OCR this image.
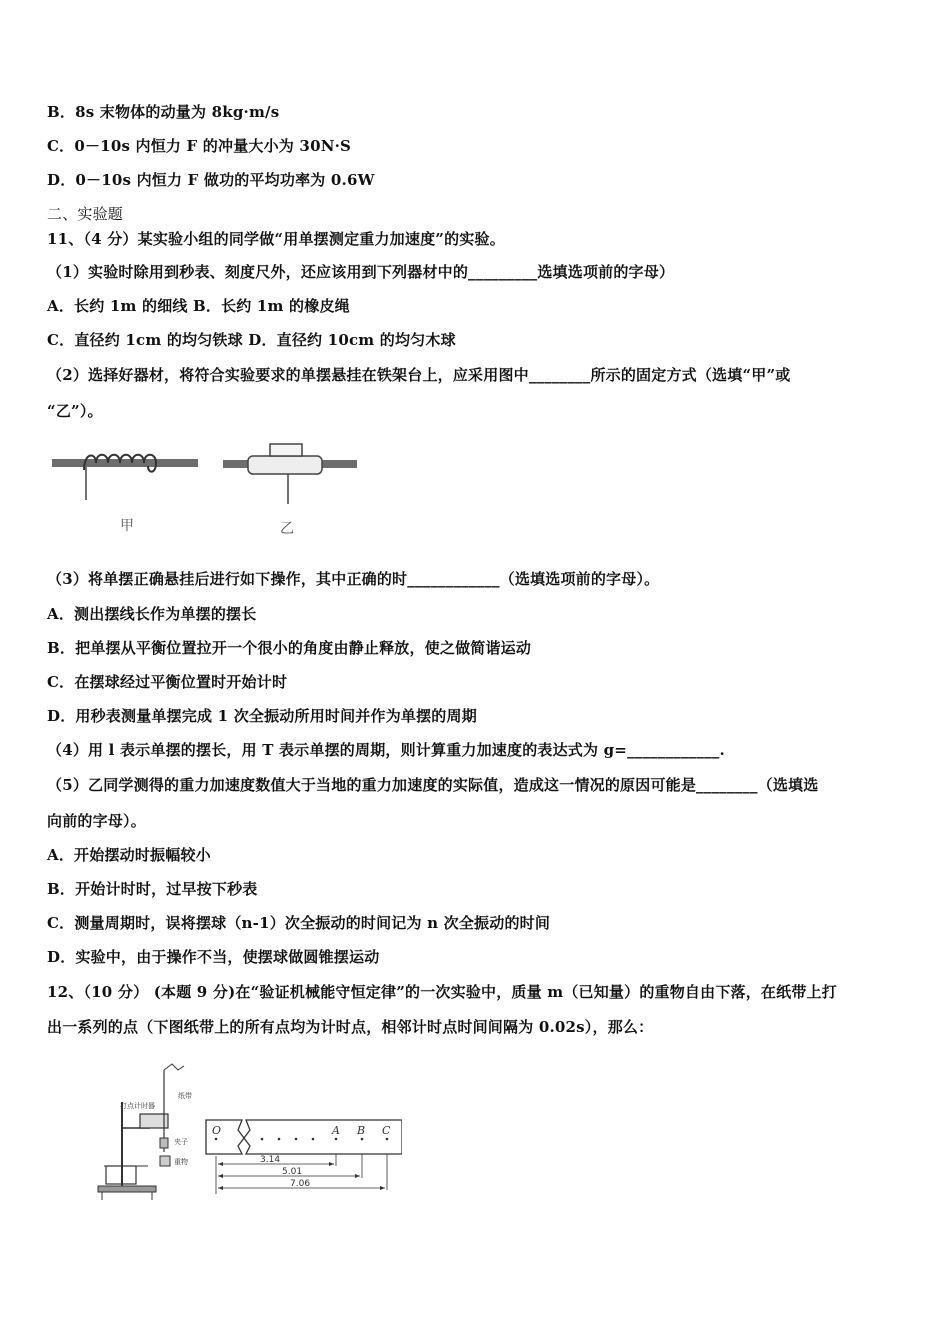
B．8s 末物体的动量为 8kg·m/s
C．0－10s 内恒力 F 的冲量大小为 30N·S
D．0－10s 内恒力 F 做功的平均功率为 0.6W
二、实验题
11、（4 分）某实验小组的同学做“用单摆测定重力加速度”的实验。
（1）实验时除用到秒表、刻度尺外，还应该用到下列器材中的_________选填选项前的字母）
A．长约 1m 的细线 B．长约 1m 的橡皮绳
C．直径约 1cm 的均匀铁球 D．直径约 10cm 的均匀木球
（2）选择好器材，将符合实验要求的单摆悬挂在铁架台上，应采用图中________所示的固定方式（选填“甲”或
“乙”）。
甲	乙
（3）将单摆正确悬挂后进行如下操作，其中正确的时____________（选填选项前的字母）。
A．测出摆线长作为单摆的摆长
B．把单摆从平衡位置拉开一个很小的角度由静止释放，使之做简谐运动
C．在摆球经过平衡位置时开始计时
D．用秒表测量单摆完成 1 次全振动所用时间并作为单摆的周期
（4）用 l 表示单摆的摆长，用 T 表示单摆的周期，则计算重力加速度的表达式为 g=____________.
（5）乙同学测得的重力加速度数值大于当地的重力加速度的实际值，造成这一情况的原因可能是________（选填选
向前的字母）。
A．开始摆动时振幅较小
B．开始计时时，过早按下秒表
C．测量周期时，误将摆球（n-1）次全振动的时间记为 n 次全振动的时间
D．实验中，由于操作不当，使摆球做圆锥摆运动
12、（10 分） (本题 9 分)在“验证机械能守恒定律”的一次实验中，质量 m（已知量）的重物自由下落，在纸带上打
出一系列的点（下图纸带上的所有点均为计时点，相邻计时点时间间隔为 0.02s），那么：
打点计时器
纸带
夹子
重物
O	A B C
3.14
5.01
7.06
